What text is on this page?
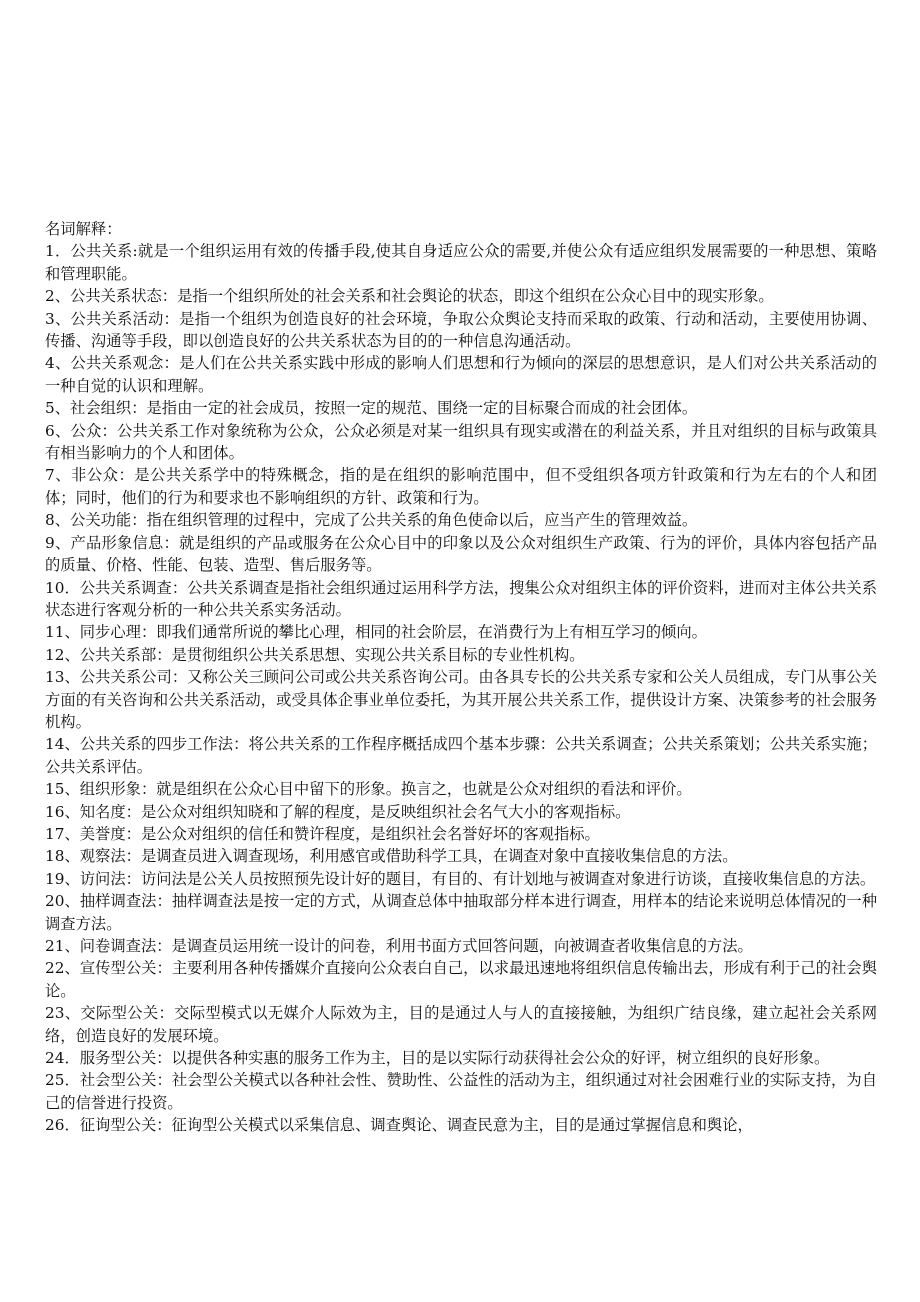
名词解释：

1．公共关系:就是一个组织运用有效的传播手段,使其自身适应公众的需要,并使公众有适应组织发展需要的一种思想、策略和管理职能。

2、公共关系状态：是指一个组织所处的社会关系和社会舆论的状态，即这个组织在公众心目中的现实形象。

3、公共关系活动：是指一个组织为创造良好的社会环境，争取公众舆论支持而采取的政策、行动和活动，主要使用协调、传播、沟通等手段，即以创造良好的公共关系状态为目的的一种信息沟通活动。

4、公共关系观念：是人们在公共关系实践中形成的影响人们思想和行为倾向的深层的思想意识，是人们对公共关系活动的一种自觉的认识和理解。

5、社会组织：是指由一定的社会成员，按照一定的规范、围绕一定的目标聚合而成的社会团体。

6、公众：公共关系工作对象统称为公众，公众必须是对某一组织具有现实或潜在的利益关系，并且对组织的目标与政策具有相当影响力的个人和团体。

7、非公众：是公共关系学中的特殊概念，指的是在组织的影响范围中，但不受组织各项方针政策和行为左右的个人和团体；同时，他们的行为和要求也不影响组织的方针、政策和行为。

8、公关功能：指在组织管理的过程中，完成了公共关系的角色使命以后，应当产生的管理效益。

9、产品形象信息：就是组织的产品或服务在公众心目中的印象以及公众对组织生产政策、行为的评价，具体内容包括产品的质量、价格、性能、包装、造型、售后服务等。

10．公共关系调查：公共关系调查是指社会组织通过运用科学方法，搜集公众对组织主体的评价资料，进而对主体公共关系状态进行客观分析的一种公共关系实务活动。

11、同步心理：即我们通常所说的攀比心理，相同的社会阶层，在消费行为上有相互学习的倾向。

12、公共关系部：是贯彻组织公共关系思想、实现公共关系目标的专业性机构。

13、公共关系公司：又称公关三顾问公司或公共关系咨询公司。由各具专长的公共关系专家和公关人员组成，专门从事公关方面的有关咨询和公共关系活动，或受具体企事业单位委托，为其开展公共关系工作，提供设计方案、决策参考的社会服务机构。

14、公共关系的四步工作法：将公共关系的工作程序概括成四个基本步骤：公共关系调查；公共关系策划；公共关系实施；公共关系评估。

15、组织形象：就是组织在公众心目中留下的形象。换言之，也就是公众对组织的看法和评价。

16、知名度：是公众对组织知晓和了解的程度，是反映组织社会名气大小的客观指标。

17、美誉度：是公众对组织的信任和赞许程度，是组织社会名誉好坏的客观指标。

18、观察法：是调查员进入调查现场，利用感官或借助科学工具，在调查对象中直接收集信息的方法。

19、访问法：访问法是公关人员按照预先设计好的题目，有目的、有计划地与被调查对象进行访谈，直接收集信息的方法。

20、抽样调查法：抽样调查法是按一定的方式，从调查总体中抽取部分样本进行调查，用样本的结论来说明总体情况的一种调查方法。

21、问卷调查法：是调查员运用统一设计的问卷，利用书面方式回答问题，向被调查者收集信息的方法。

22、宣传型公关：主要利用各种传播媒介直接向公众表白自己，以求最迅速地将组织信息传输出去，形成有利于己的社会舆论。

23、交际型公关：交际型模式以无媒介人际效为主，目的是通过人与人的直接接触，为组织广结良缘，建立起社会关系网络，创造良好的发展环境。

24．服务型公关：以提供各种实惠的服务工作为主，目的是以实际行动获得社会公众的好评，树立组织的良好形象。

25．社会型公关：社会型公关模式以各种社会性、赞助性、公益性的活动为主，组织通过对社会困难行业的实际支持，为自己的信誉进行投资。

26．征询型公关：征询型公关模式以采集信息、调查舆论、调查民意为主，目的是通过掌握信息和舆论，
